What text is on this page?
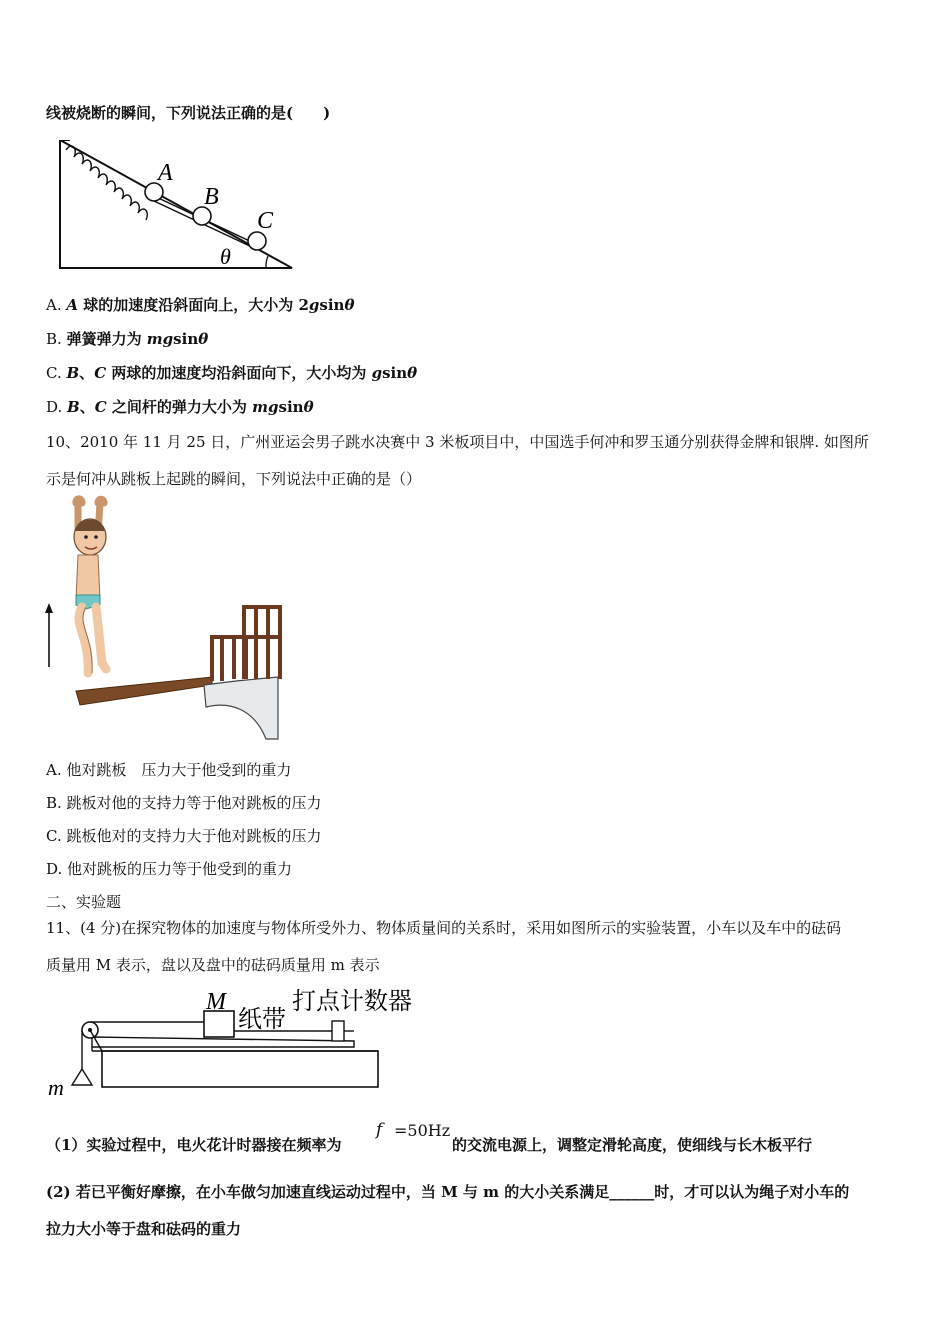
线被烧断的瞬间，下列说法正确的是(　　)
A
B
C
θ
A. A 球的加速度沿斜面向上，大小为 2gsinθ
B. 弹簧弹力为 mgsinθ
C. B、C 两球的加速度均沿斜面向下，大小均为 gsinθ
D. B、C 之间杆的弹力大小为 mgsinθ
10、2010 年 11 月 25 日，广州亚运会男子跳水决赛中 3 米板项目中，中国选手何冲和罗玉通分别获得金牌和银牌. 如图所
示是何冲从跳板上起跳的瞬间，下列说法中正确的是（）
A. 他对跳板　压力大于他受到的重力
B. 跳板对他的支持力等于他对跳板的压力
C. 跳板他对的支持力大于他对跳板的压力
D. 他对跳板的压力等于他受到的重力
二、实验题
11、(4 分)在探究物体的加速度与物体所受外力、物体质量间的关系时，采用如图所示的实验装置，小车以及车中的砝码
质量用 M 表示，盘以及盘中的砝码质量用 m 表示
M
m
纸带
打点计数器
（1）实验过程中，电火花计时器接在频率为
f =50Hz
的交流电源上，调整定滑轮高度，使细线与长木板平行
(2) 若已平衡好摩擦，在小车做匀加速直线运动过程中，当 M 与 m 的大小关系满足______时，才可以认为绳子对小车的
拉力大小等于盘和砝码的重力
